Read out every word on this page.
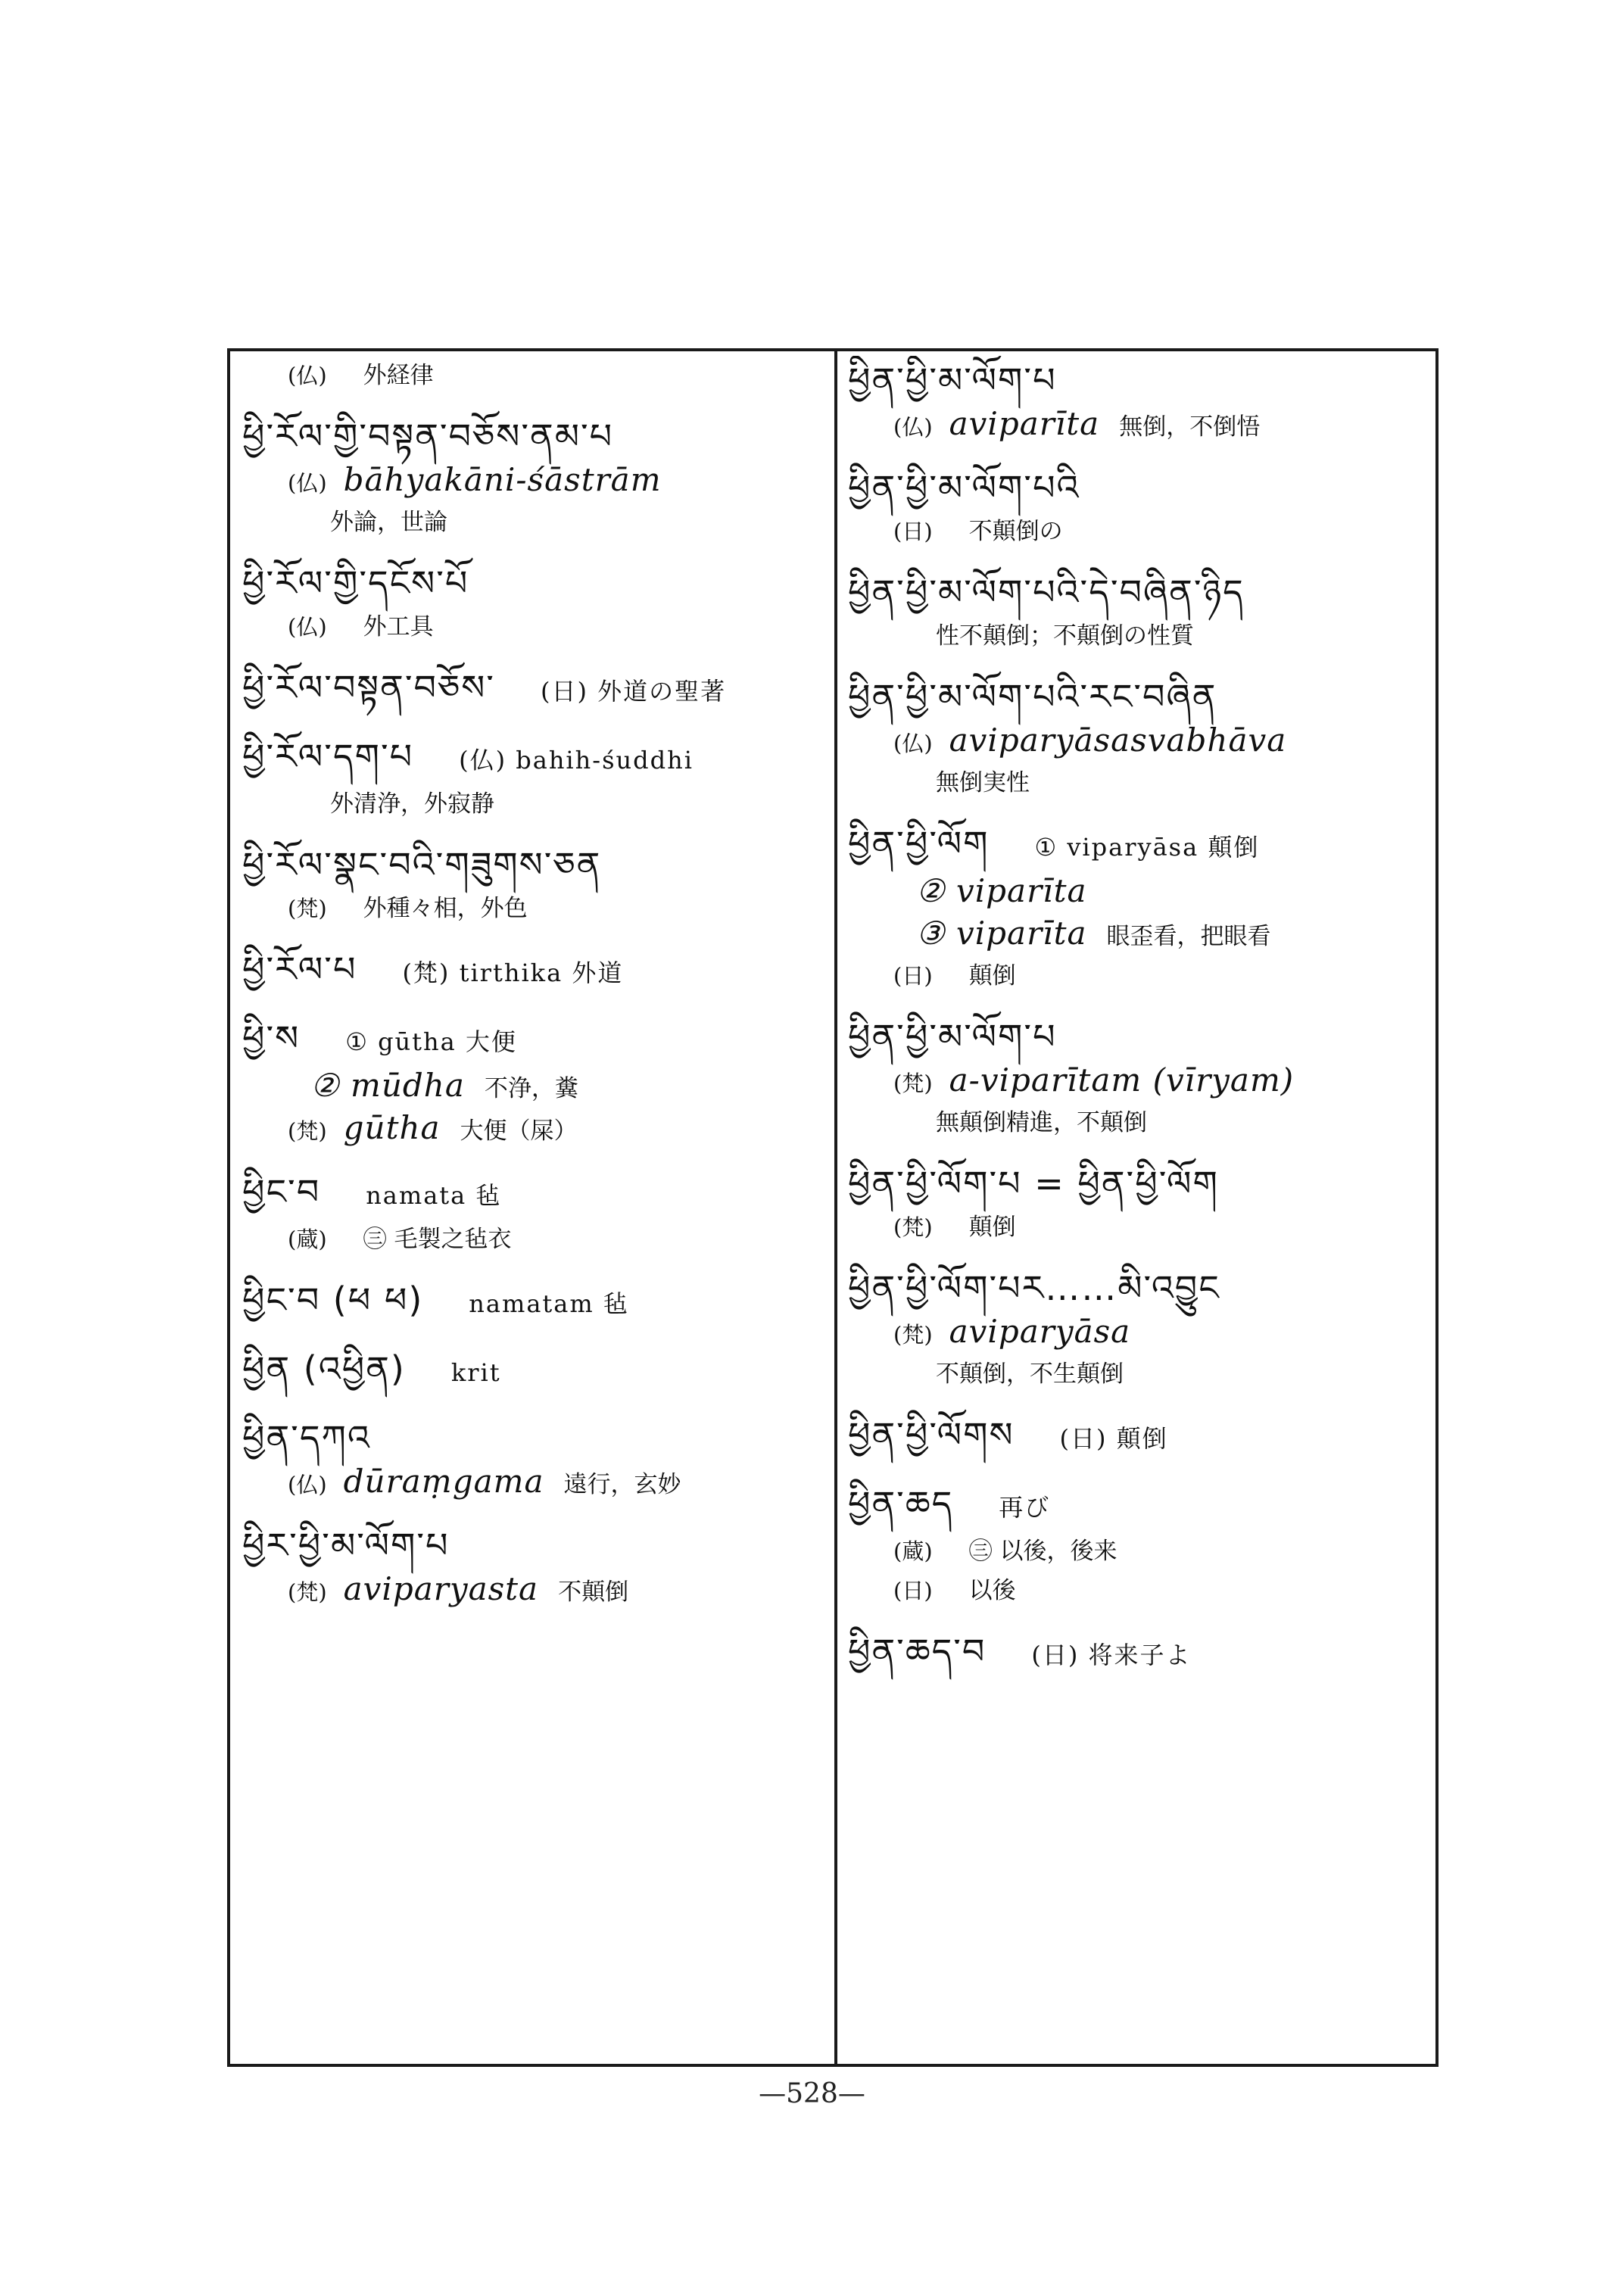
(仏) 外経律
ཕྱི་རོལ་གྱི་བསྟན་བཅོས་ནམ་པ
(仏) bāhyakāni-śāstrām
外論，世論
ཕྱི་རོལ་གྱི་དངོས་པོ
(仏) 外工具
ཕྱི་རོལ་བསྟན་བཅོས་ (日) 外道の聖著
ཕྱི་རོལ་དག་པ (仏) bahih-śuddhi
外清浄，外寂静
ཕྱི་རོལ་སྣང་བའི་གཟུགས་ཅན
(梵) 外種々相，外色
ཕྱི་རོལ་པ (梵) tirthika 外道
ཕྱི་ས ① gūtha 大便
② mūdha 不浄，糞
(梵) gūtha 大便（屎）
ཕྱིང་བ namata 毡
(蔵) ㊂ 毛製之毡衣
ཕྱིང་བ (ཕ ཕ) namatam 毡
ཕྱིན (འཕྱིན) krit
ཕྱིན་དཀའ
(仏) dūraṃgama 遠行，玄妙
ཕྱིར་ཕྱི་མ་ལོག་པ
(梵) aviparyasta 不顛倒
ཕྱིན་ཕྱི་མ་ལོག་པ
(仏) aviparīta 無倒，不倒悟
ཕྱིན་ཕྱི་མ་ལོག་པའི
(日) 不顛倒の
ཕྱིན་ཕྱི་མ་ལོག་པའི་དེ་བཞིན་ཉིད
性不顛倒；不顛倒の性質
ཕྱིན་ཕྱི་མ་ལོག་པའི་རང་བཞིན
(仏) aviparyāsasvabhāva
無倒実性
ཕྱིན་ཕྱི་ལོག ① viparyāsa 顛倒
② viparīta
③ viparīta 眼歪看，把眼看
(日) 顛倒
ཕྱིན་ཕྱི་མ་ལོག་པ
(梵) a-viparītam (vīryam)
無顛倒精進，不顛倒
ཕྱིན་ཕྱི་ལོག་པ = ཕྱིན་ཕྱི་ལོག
(梵) 顛倒
ཕྱིན་ཕྱི་ལོག་པར……མི་འབྱུང
(梵) aviparyāsa
不顛倒，不生顛倒
ཕྱིན་ཕྱི་ལོགས (日) 顛倒
ཕྱིན་ཆད 再び
(蔵) ㊂ 以後，後来
(日) 以後
ཕྱིན་ཆད་བ (日) 将来子よ
—528—
